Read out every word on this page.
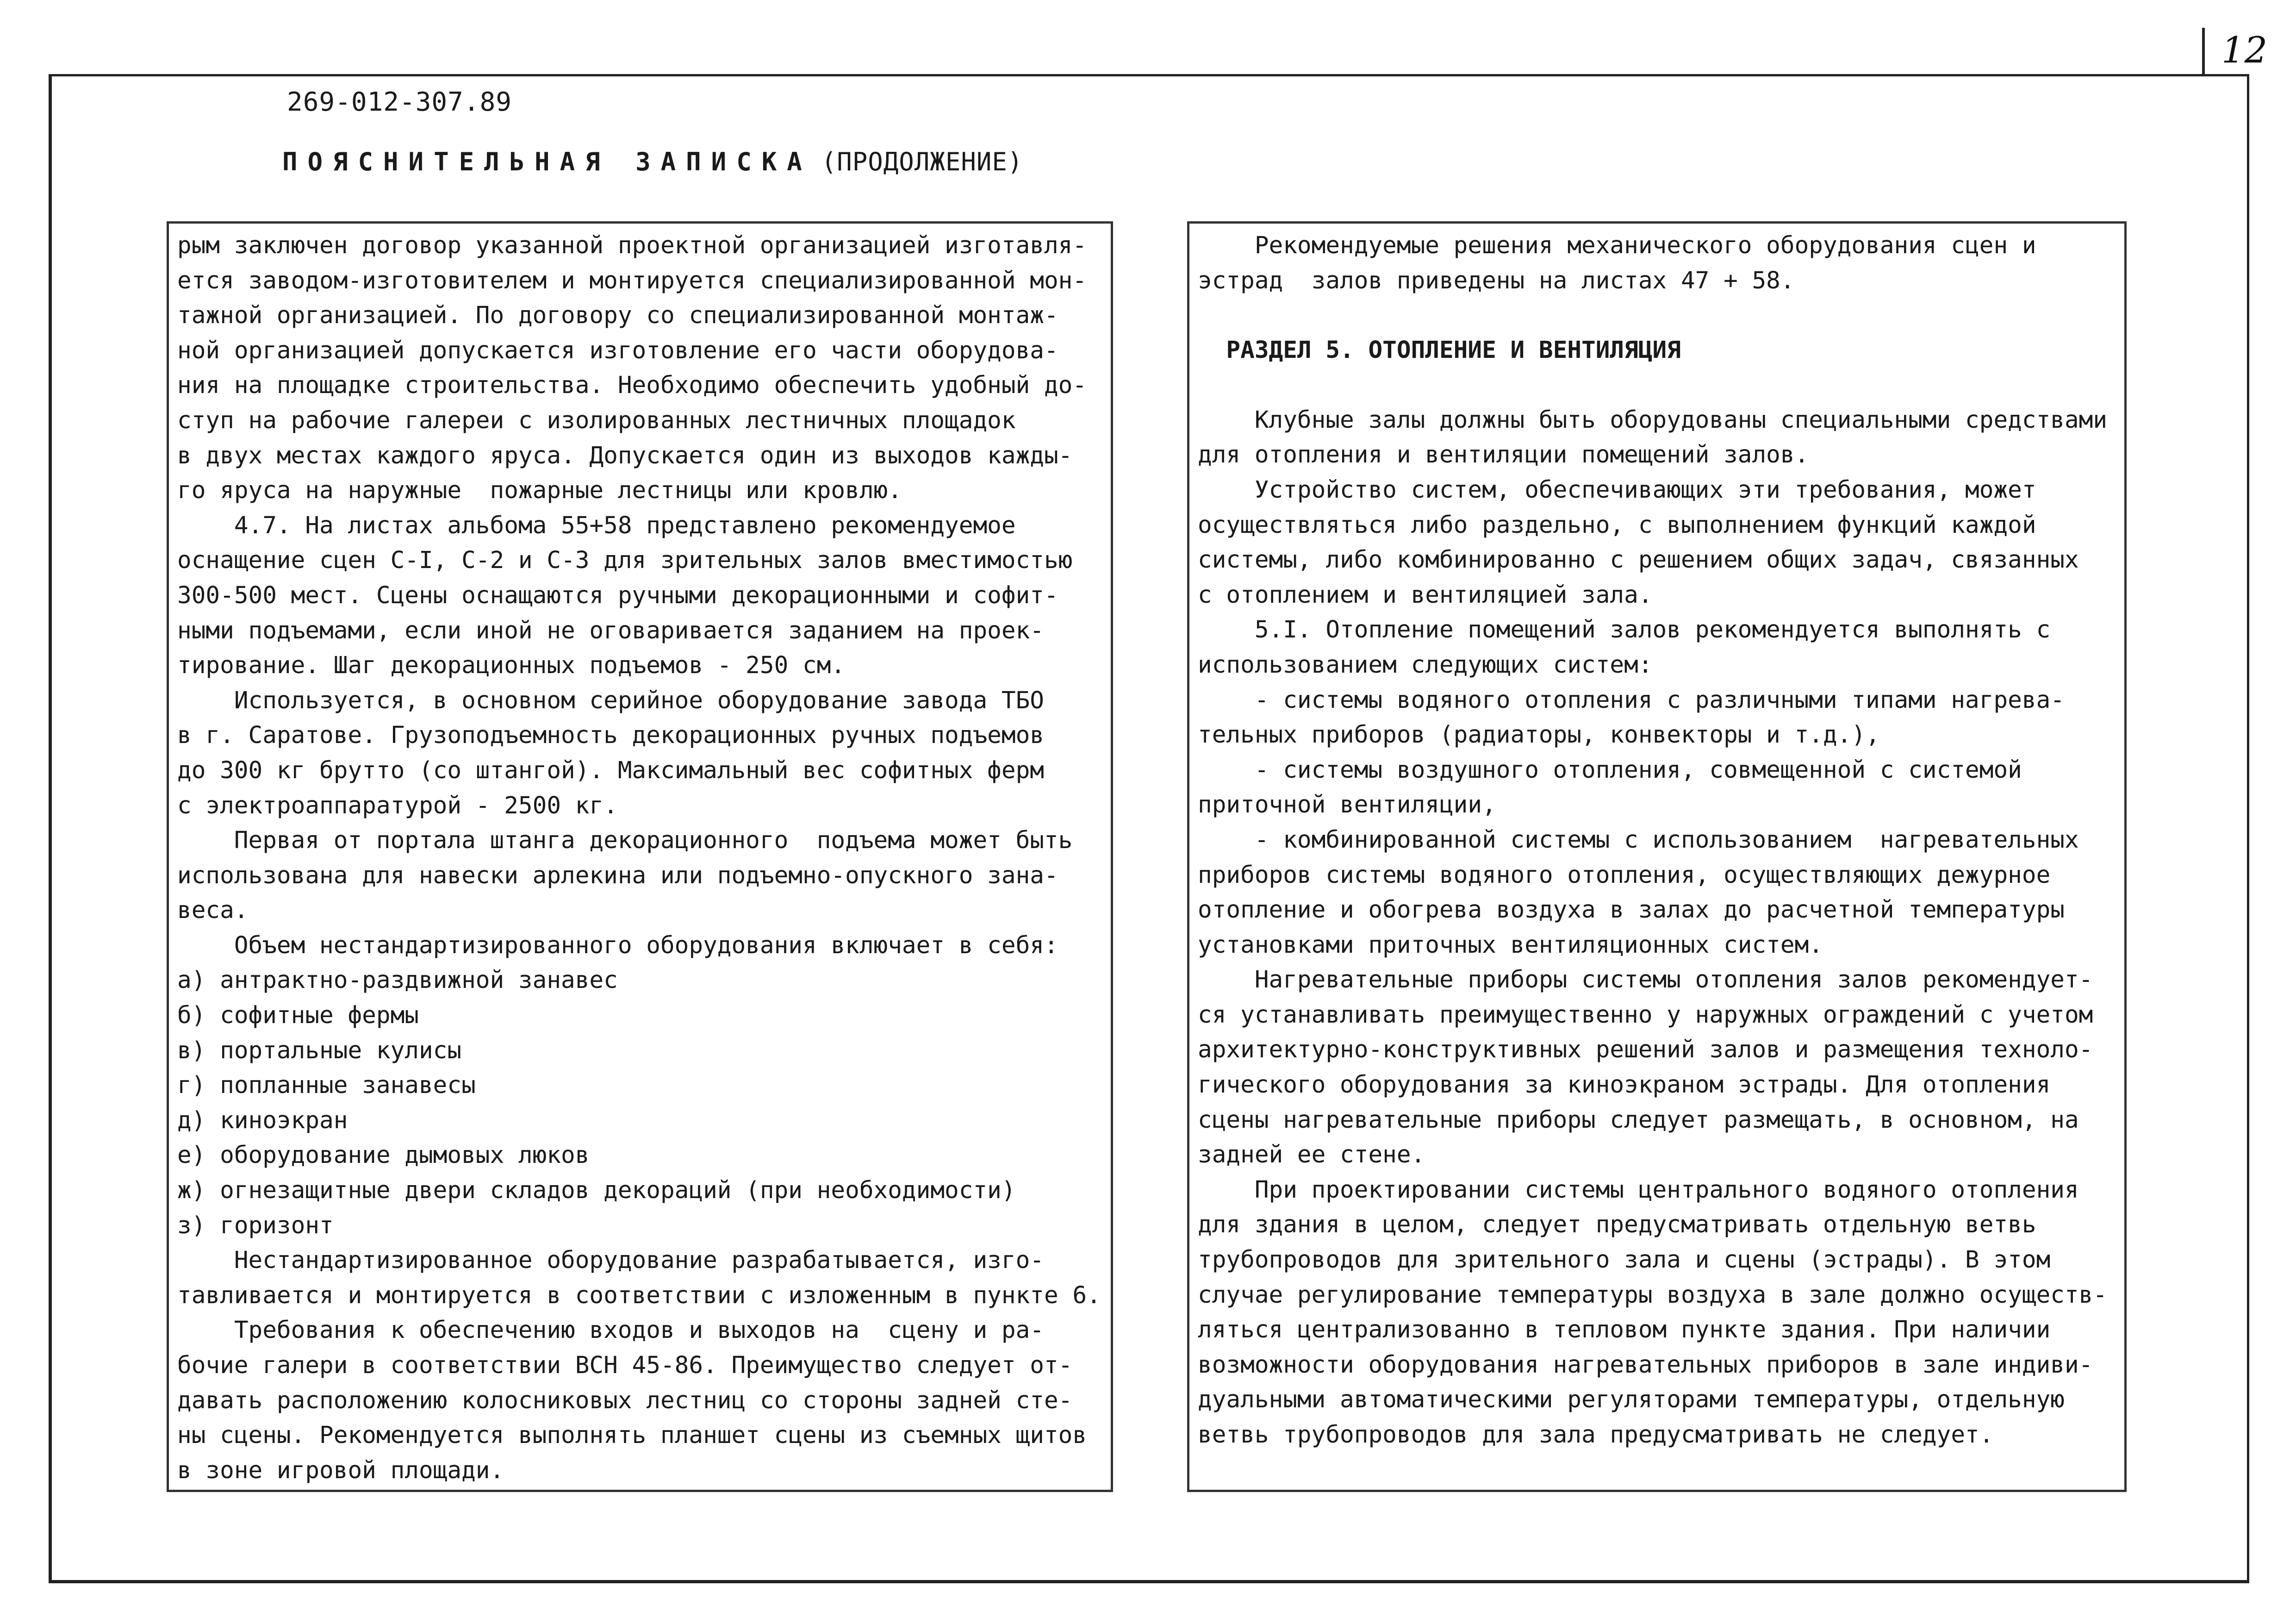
12
269-012-307.89
ПОЯСНИТЕЛЬНАЯ ЗАПИСКА (ПРОДОЛЖЕНИЕ)

рым заключен договор указанной проектной организацией изготавля-

ется заводом-изготовителем и монтируется специализированной мон-

тажной организацией. По договору со специализированной монтаж-

ной организацией допускается изготовление его части оборудова-

ния на площадке строительства. Необходимо обеспечить удобный до-

ступ на рабочие галереи с изолированных лестничных площадок

в двух местах каждого яруса. Допускается один из выходов кажды-

го яруса на наружные  пожарные лестницы или кровлю.

4.7. На листах альбома 55+58 представлено рекомендуемое

оснащение сцен С-I, С-2 и С-3 для зрительных залов вместимостью

300-500 мест. Сцены оснащаются ручными декорационными и софит-

ными подъемами, если иной не оговаривается заданием на проек-

тирование. Шаг декорационных подъемов - 250 см.

Используется, в основном серийное оборудование завода ТБО

в г. Саратове. Грузоподъемность декорационных ручных подъемов

до 300 кг брутто (со штангой). Максимальный вес софитных ферм

с электроаппаратурой - 2500 кг.

Первая от портала штанга декорационного  подъема может быть

использована для навески арлекина или подъемно-опускного зана-

веса.

Объем нестандартизированного оборудования включает в себя:

а) антрактно-раздвижной занавес

б) софитные фермы

в) портальные кулисы

г) попланные занавесы

д) киноэкран

е) оборудование дымовых люков

ж) огнезащитные двери складов декораций (при необходимости)

з) горизонт

Нестандартизированное оборудование разрабатывается, изго-

тавливается и монтируется в соответствии с изложенным в пункте 6.

Требования к обеспечению входов и выходов на  сцену и ра-

бочие галери в соответствии ВСН 45-86. Преимущество следует от-

давать расположению колосниковых лестниц со стороны задней сте-

ны сцены. Рекомендуется выполнять планшет сцены из съемных щитов

в зоне игровой площади.

Рекомендуемые решения механического оборудования сцен и

эстрад  залов приведены на листах 47 + 58.

РАЗДЕЛ 5. ОТОПЛЕНИЕ И ВЕНТИЛЯЦИЯ

Клубные залы должны быть оборудованы специальными средствами

для отопления и вентиляции помещений залов.

Устройство систем, обеспечивающих эти требования, может

осуществляться либо раздельно, с выполнением функций каждой

системы, либо комбинированно с решением общих задач, связанных

с отоплением и вентиляцией зала.

5.I. Отопление помещений залов рекомендуется выполнять с

использованием следующих систем:

- системы водяного отопления с различными типами нагрева-

тельных приборов (радиаторы, конвекторы и т.д.),

- системы воздушного отопления, совмещенной с системой

приточной вентиляции,

- комбинированной системы с использованием  нагревательных

приборов системы водяного отопления, осуществляющих дежурное

отопление и обогрева воздуха в залах до расчетной температуры

установками приточных вентиляционных систем.

Нагревательные приборы системы отопления залов рекомендует-

ся устанавливать преимущественно у наружных ограждений с учетом

архитектурно-конструктивных решений залов и размещения техноло-

гического оборудования за киноэкраном эстрады. Для отопления

сцены нагревательные приборы следует размещать, в основном, на

задней ее стене.

При проектировании системы центрального водяного отопления

для здания в целом, следует предусматривать отдельную ветвь

трубопроводов для зрительного зала и сцены (эстрады). В этом

случае регулирование температуры воздуха в зале должно осуществ-

ляться централизованно в тепловом пункте здания. При наличии

возможности оборудования нагревательных приборов в зале индиви-

дуальными автоматическими регуляторами температуры, отдельную

ветвь трубопроводов для зала предусматривать не следует.
